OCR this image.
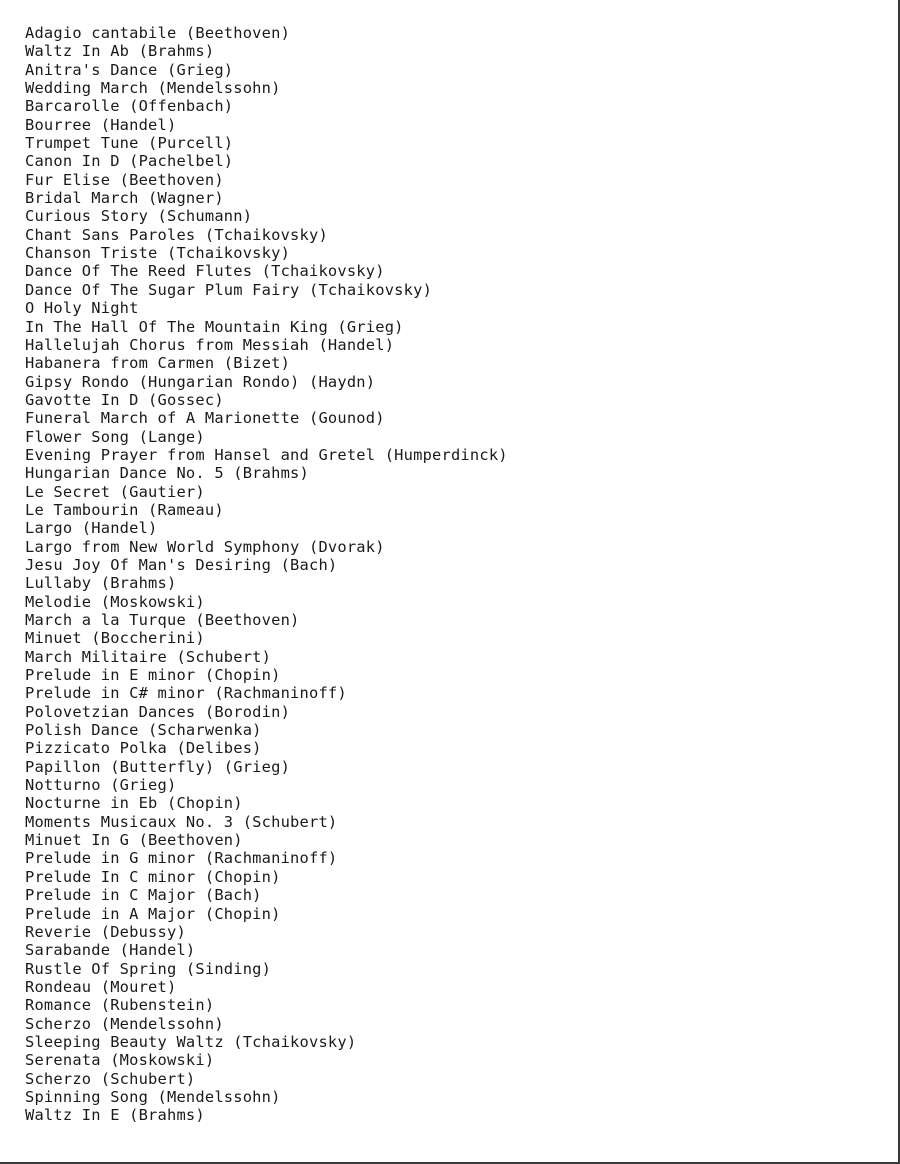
Adagio cantabile (Beethoven)
Waltz In Ab (Brahms)
Anitra's Dance (Grieg)
Wedding March (Mendelssohn)
Barcarolle (Offenbach)
Bourree (Handel)
Trumpet Tune (Purcell)
Canon In D (Pachelbel)
Fur Elise (Beethoven)
Bridal March (Wagner)
Curious Story (Schumann)
Chant Sans Paroles (Tchaikovsky)
Chanson Triste (Tchaikovsky)
Dance Of The Reed Flutes (Tchaikovsky)
Dance Of The Sugar Plum Fairy (Tchaikovsky)
O Holy Night
In The Hall Of The Mountain King (Grieg)
Hallelujah Chorus from Messiah (Handel)
Habanera from Carmen (Bizet)
Gipsy Rondo (Hungarian Rondo) (Haydn)
Gavotte In D (Gossec)
Funeral March of A Marionette (Gounod)
Flower Song (Lange)
Evening Prayer from Hansel and Gretel (Humperdinck)
Hungarian Dance No. 5 (Brahms)
Le Secret (Gautier)
Le Tambourin (Rameau)
Largo (Handel)
Largo from New World Symphony (Dvorak)
Jesu Joy Of Man's Desiring (Bach)
Lullaby (Brahms)
Melodie (Moskowski)
March a la Turque (Beethoven)
Minuet (Boccherini)
March Militaire (Schubert)
Prelude in E minor (Chopin)
Prelude in C# minor (Rachmaninoff)
Polovetzian Dances (Borodin)
Polish Dance (Scharwenka)
Pizzicato Polka (Delibes)
Papillon (Butterfly) (Grieg)
Notturno (Grieg)
Nocturne in Eb (Chopin)
Moments Musicaux No. 3 (Schubert)
Minuet In G (Beethoven)
Prelude in G minor (Rachmaninoff)
Prelude In C minor (Chopin)
Prelude in C Major (Bach)
Prelude in A Major (Chopin)
Reverie (Debussy)
Sarabande (Handel)
Rustle Of Spring (Sinding)
Rondeau (Mouret)
Romance (Rubenstein)
Scherzo (Mendelssohn)
Sleeping Beauty Waltz (Tchaikovsky)
Serenata (Moskowski)
Scherzo (Schubert)
Spinning Song (Mendelssohn)
Waltz In E (Brahms)
